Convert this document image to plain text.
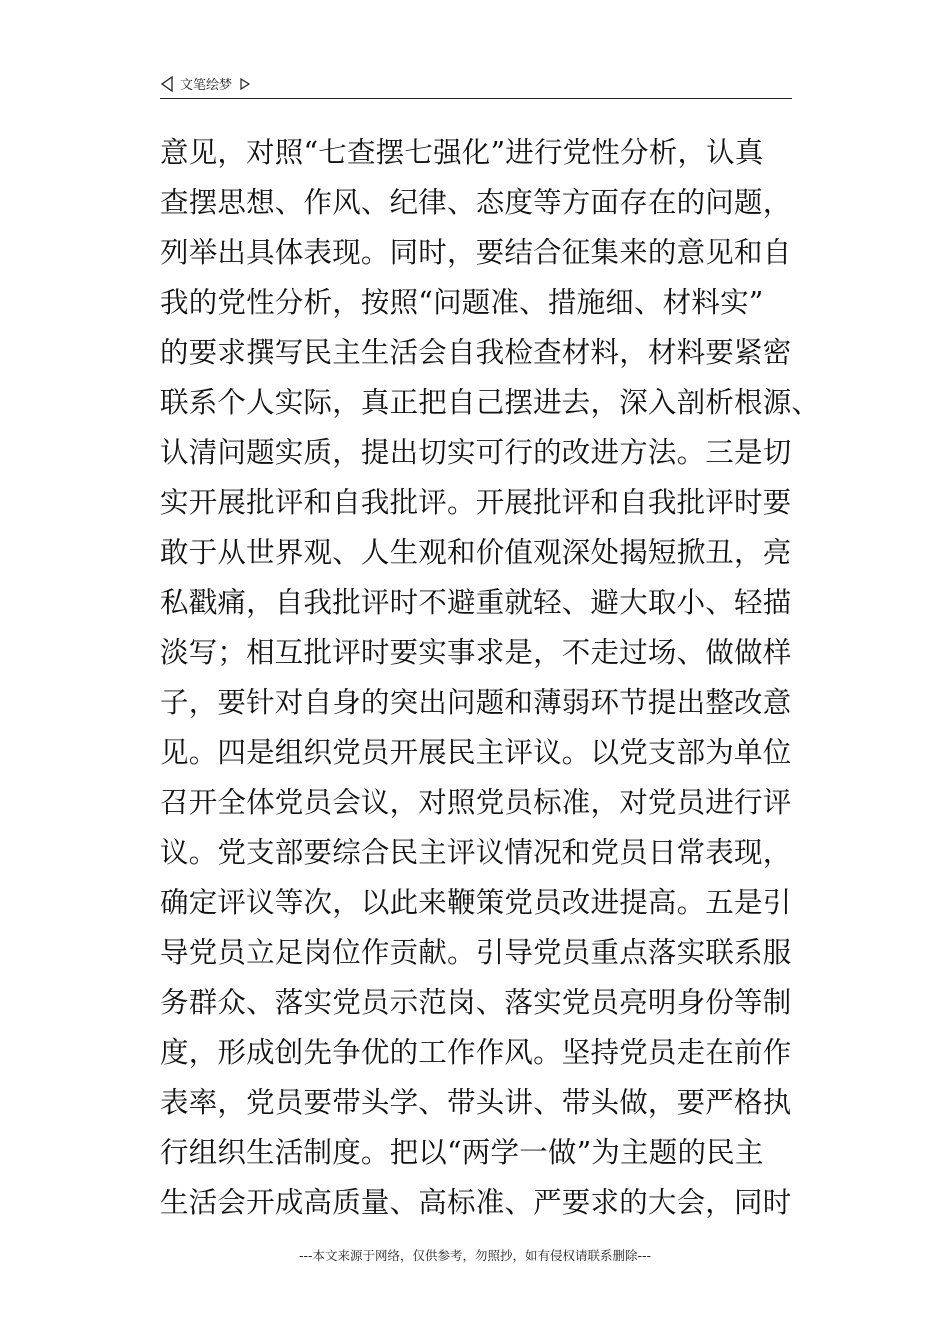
文笔绘梦
意见，对照“七查摆七强化”进行党性分析，认真
查摆思想、作风、纪律、态度等方面存在的问题，
列举出具体表现。同时，要结合征集来的意见和自
我的党性分析，按照“问题准、措施细、材料实”
的要求撰写民主生活会自我检查材料，材料要紧密
联系个人实际，真正把自己摆进去，深入剖析根源、
认清问题实质，提出切实可行的改进方法。三是切
实开展批评和自我批评。开展批评和自我批评时要
敢于从世界观、人生观和价值观深处揭短掀丑，亮
私戳痛，自我批评时不避重就轻、避大取小、轻描
淡写；相互批评时要实事求是，不走过场、做做样
子，要针对自身的突出问题和薄弱环节提出整改意
见。四是组织党员开展民主评议。以党支部为单位
召开全体党员会议，对照党员标准，对党员进行评
议。党支部要综合民主评议情况和党员日常表现，
确定评议等次，以此来鞭策党员改进提高。五是引
导党员立足岗位作贡献。引导党员重点落实联系服
务群众、落实党员示范岗、落实党员亮明身份等制
度，形成创先争优的工作作风。坚持党员走在前作
表率，党员要带头学、带头讲、带头做，要严格执
行组织生活制度。把以“两学一做”为主题的民主
生活会开成高质量、高标准、严要求的大会，同时
---本文来源于网络，仅供参考，勿照抄，如有侵权请联系删除---
